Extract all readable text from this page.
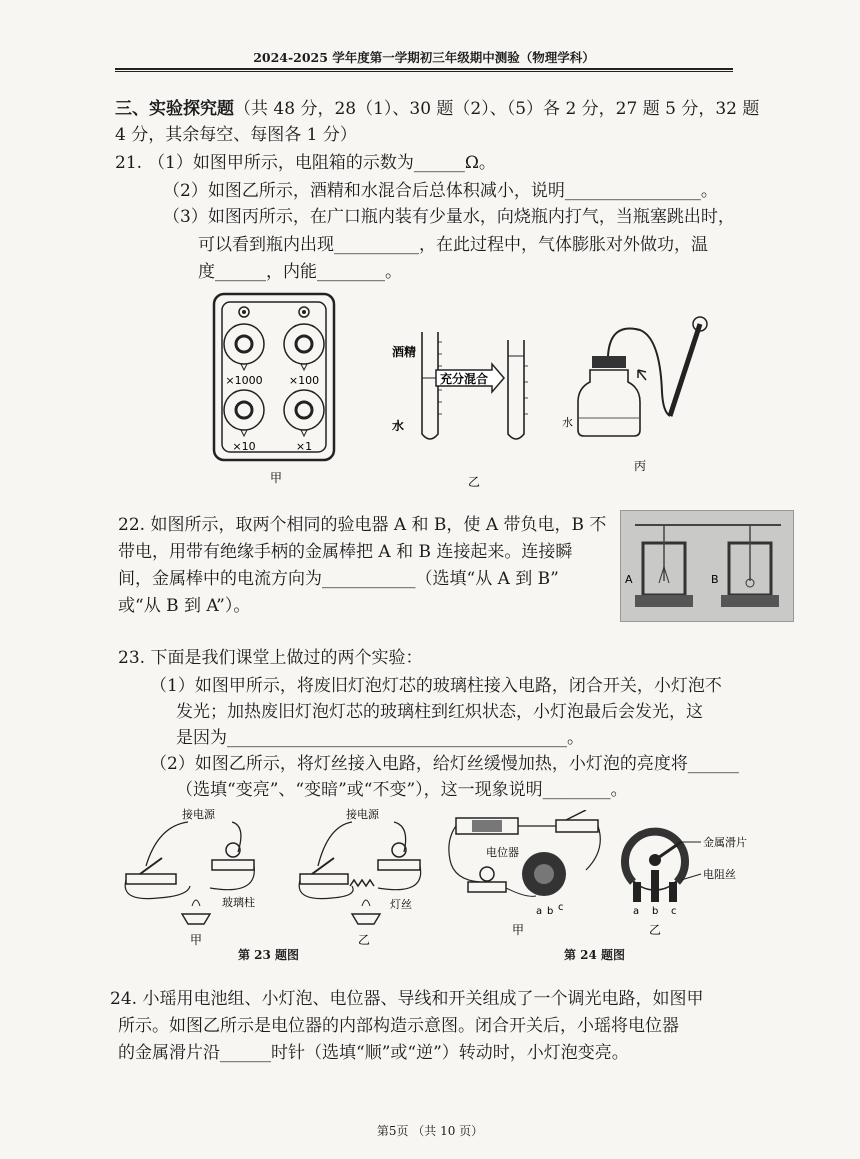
2024-2025 学年度第一学期初三年级期中测验（物理学科）
三、实验探究题（共 48 分，28（1）、30 题（2）、（5）各 2 分，27 题 5 分，32 题
4 分，其余每空、每图各 1 分）
21. （1）如图甲所示，电阻箱的示数为______Ω。
（2）如图乙所示，酒精和水混合后总体积减小，说明________________。
（3）如图丙所示，在广口瓶内装有少量水，向烧瓶内打气，当瓶塞跳出时，
可以看到瓶内出现__________，在此过程中，气体膨胀对外做功，温
度______，内能________。
×1000 ×100
×10	×1
甲
充分混合
酒精
水
乙
水
丙
22. 如图所示，取两个相同的验电器 A 和 B，使 A 带负电，B 不
带电，用带有绝缘手柄的金属棒把 A 和 B 连接起来。连接瞬
间，金属棒中的电流方向为___________（选填“从 A 到 B”
或“从 B 到 A”）。
A	B
23. 下面是我们课堂上做过的两个实验：
（1）如图甲所示，将废旧灯泡灯芯的玻璃柱接入电路，闭合开关，小灯泡不
发光；加热废旧灯泡灯芯的玻璃柱到红炽状态，小灯泡最后会发光，这
是因为________________________________________。
（2）如图乙所示，将灯丝接入电路，给灯丝缓慢加热，小灯泡的亮度将______
（选填“变亮”、“变暗”或“不变”），这一现象说明________。
接电源
玻璃柱
甲
接电源
灯丝
乙
第 23 题图
电位器
a b c
甲
金属滑片
电阻丝
a b c
乙
第 24 题图
24. 小瑶用电池组、小灯泡、电位器、导线和开关组成了一个调光电路，如图甲
所示。如图乙所示是电位器的内部构造示意图。闭合开关后，小瑶将电位器
的金属滑片沿______时针（选填“顺”或“逆”）转动时，小灯泡变亮。
第5页 （共 10 页）
